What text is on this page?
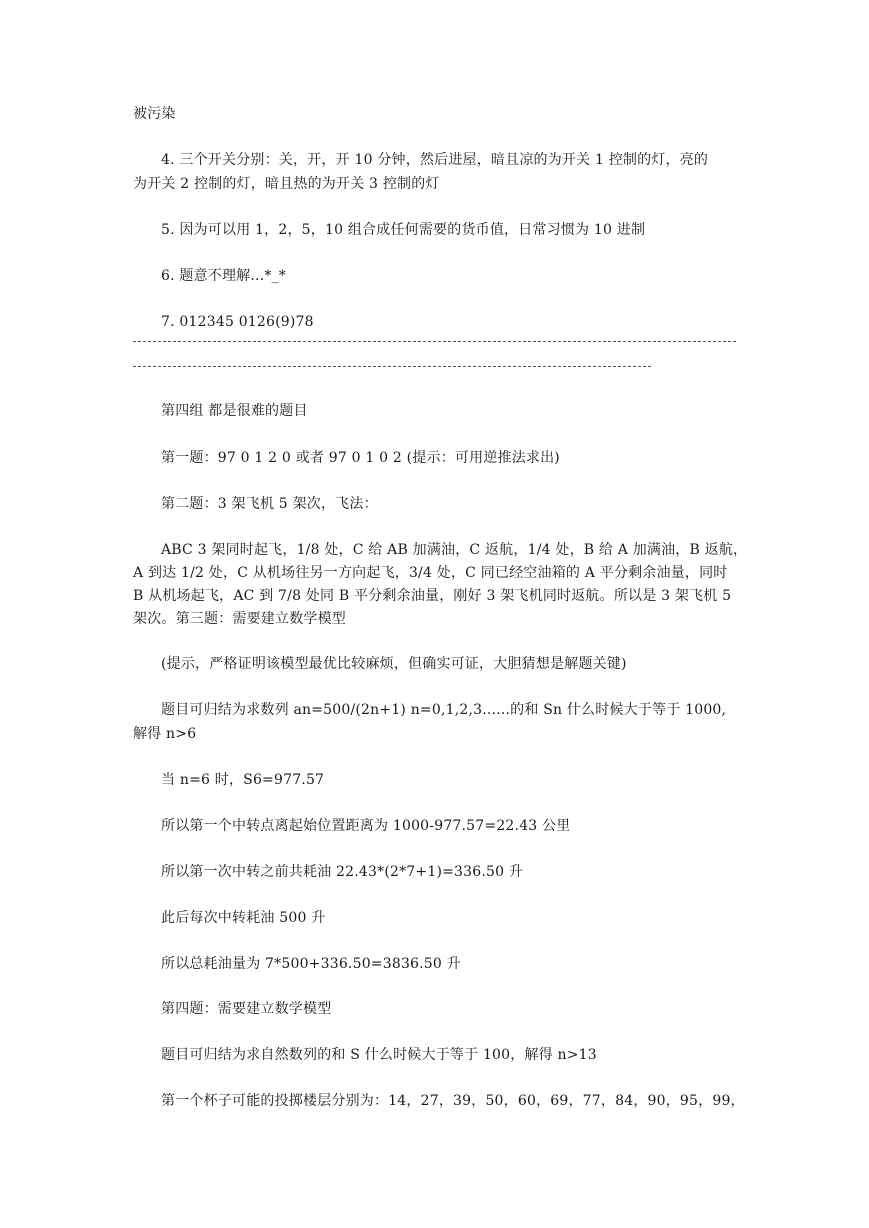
被污染
4. 三个开关分别：关，开，开 10 分钟，然后进屋，暗且凉的为开关 1 控制的灯，亮的
为开关 2 控制的灯，暗且热的为开关 3 控制的灯
5. 因为可以用 1，2，5，10 组合成任何需要的货币值，日常习惯为 10 进制
6. 题意不理解...*_*
7. 012345 0126(9)78
第四组 都是很难的题目
第一题：97 0 1 2 0 或者 97 0 1 0 2 (提示：可用逆推法求出)
第二题：3 架飞机 5 架次，飞法：
ABC 3 架同时起飞，1/8 处，C 给 AB 加满油，C 返航，1/4 处，B 给 A 加满油，B 返航，
A 到达 1/2 处，C 从机场往另一方向起飞，3/4 处，C 同已经空油箱的 A 平分剩余油量，同时
B 从机场起飞，AC 到 7/8 处同 B 平分剩余油量，刚好 3 架飞机同时返航。所以是 3 架飞机 5
架次。第三题：需要建立数学模型
(提示，严格证明该模型最优比较麻烦，但确实可证，大胆猜想是解题关键)
题目可归结为求数列 an=500/(2n+1) n=0,1,2,3......的和 Sn 什么时候大于等于 1000,
解得 n>6
当 n=6 时，S6=977.57
所以第一个中转点离起始位置距离为 1000-977.57=22.43 公里
所以第一次中转之前共耗油 22.43*(2*7+1)=336.50 升
此后每次中转耗油 500 升
所以总耗油量为 7*500+336.50=3836.50 升
第四题：需要建立数学模型
题目可归结为求自然数列的和 S 什么时候大于等于 100，解得 n>13
第一个杯子可能的投掷楼层分别为：14，27，39，50，60，69，77，84，90，95，99，
